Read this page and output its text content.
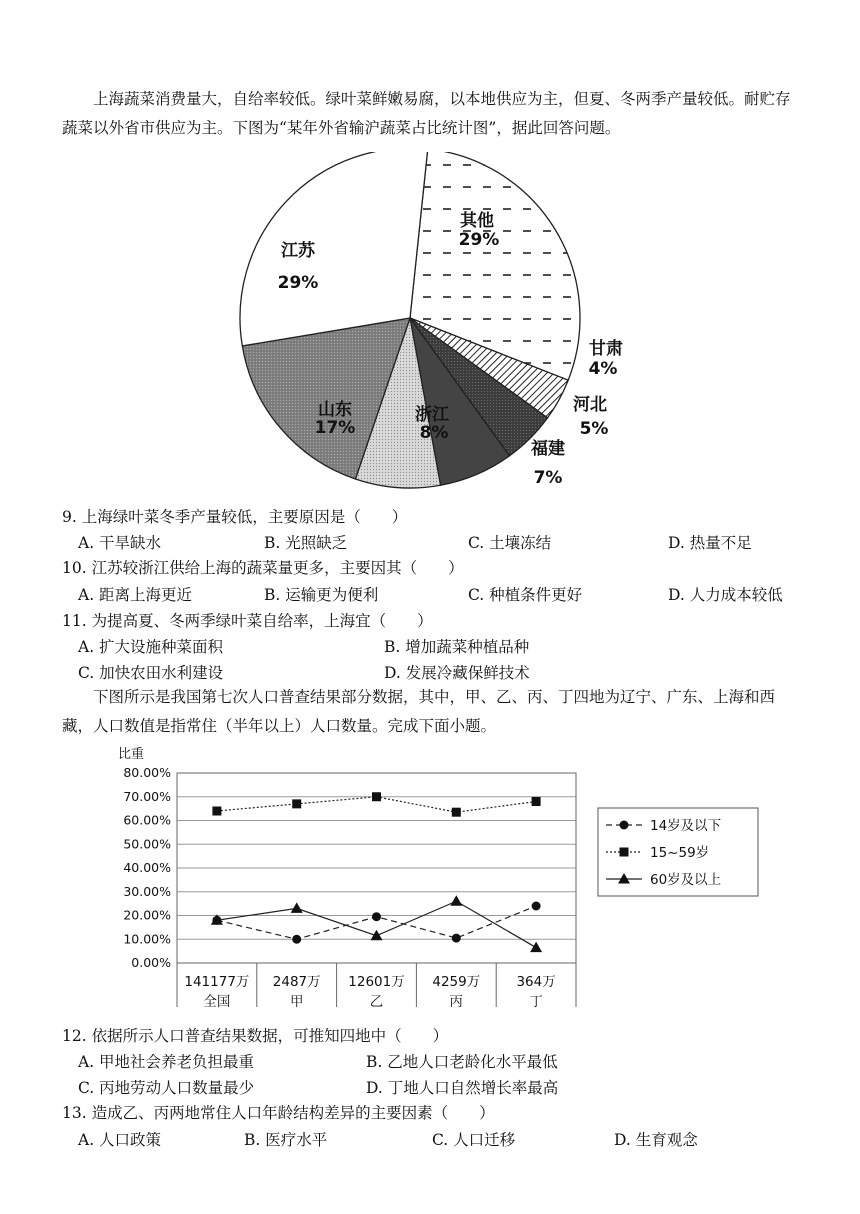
上海蔬菜消费量大，自给率较低。绿叶菜鲜嫩易腐，以本地供应为主，但夏、冬两季产量较低。耐贮存蔬菜以外省市供应为主。下图为“某年外省输沪蔬菜占比统计图”，据此回答问题。
其他
29%
甘肃
4%
河北
5%
福建
7%
浙江
8%
山东
17%
江苏
29%
9. 上海绿叶菜冬季产量较低，主要原因是（　　）
A. 干旱缺水	B. 光照缺乏	C. 土壤冻结	D. 热量不足
10. 江苏较浙江供给上海的蔬菜量更多，主要因其（　　）
A. 距离上海更近	B. 运输更为便利	C. 种植条件更好	D. 人力成本较低
11. 为提高夏、冬两季绿叶菜自给率，上海宜（　　）
A. 扩大设施种菜面积	B. 增加蔬菜种植品种
C. 加快农田水利建设	D. 发展冷藏保鲜技术
下图所示是我国第七次人口普查结果部分数据，其中，甲、乙、丙、丁四地为辽宁、广东、上海和西藏，人口数值是指常住（半年以上）人口数量。完成下面小题。
比重
0.00%
10.00%
20.00%
30.00%
40.00%
50.00%
60.00%
70.00%
80.00%
141177万
全国
2487万
甲
12601万
乙
4259万
丙
364万
丁
14岁及以下
15~59岁
60岁及以上
12. 依据所示人口普查结果数据，可推知四地中（　　）
A. 甲地社会养老负担最重	B. 乙地人口老龄化水平最低
C. 丙地劳动人口数量最少	D. 丁地人口自然增长率最高
13. 造成乙、丙两地常住人口年龄结构差异的主要因素（　　）
A. 人口政策	B. 医疗水平	C. 人口迁移	D. 生育观念
